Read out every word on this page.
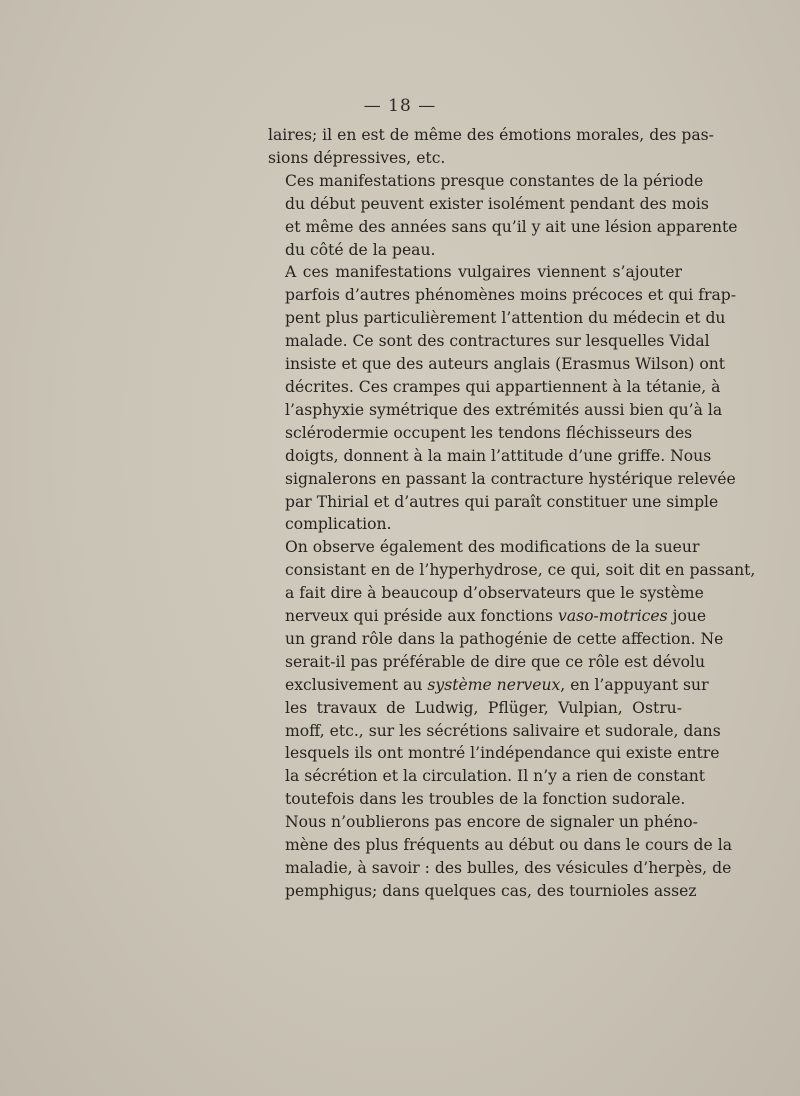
— 18 —

laires; il en est de même des émotions morales, des pas-
sions dépressives, etc.

Ces manifestations presque constantes de la période
du début peuvent exister isolément pendant des mois
et même des années sans qu’il y ait une lésion apparente
du côté de la peau.

A ces manifestations vulgaires viennent s’ajouter
parfois d’autres phénomènes moins précoces et qui frap-
pent plus particulièrement l’attention du médecin et du
malade. Ce sont des contractures sur lesquelles Vidal
insiste et que des auteurs anglais (Erasmus Wilson) ont
décrites. Ces crampes qui appartiennent à la tétanie, à
l’asphyxie symétrique des extrémités aussi bien qu’à la
sclérodermie occupent les tendons fléchisseurs des
doigts, donnent à la main l’attitude d’une griffe. Nous
signalerons en passant la contracture hystérique relevée
par Thirial et d’autres qui paraît constituer une simple
complication.

On observe également des modifications de la sueur
consistant en de l’hyperhydrose, ce qui, soit dit en passant,
a fait dire à beaucoup d’observateurs que le système
nerveux qui préside aux fonctions vaso-motrices joue
un grand rôle dans la pathogénie de cette affection. Ne
serait-il pas préférable de dire que ce rôle est dévolu
exclusivement au système nerveux, en l’appuyant sur
les travaux de Ludwig, Pflüger, Vulpian, Ostru-
moff, etc., sur les sécrétions salivaire et sudorale, dans
lesquels ils ont montré l’indépendance qui existe entre
la sécrétion et la circulation. Il n’y a rien de constant
toutefois dans les troubles de la fonction sudorale.

Nous n’oublierons pas encore de signaler un phéno-
mène des plus fréquents au début ou dans le cours de la
maladie, à savoir : des bulles, des vésicules d’herpès, de
pemphigus; dans quelques cas, des tournioles assez
